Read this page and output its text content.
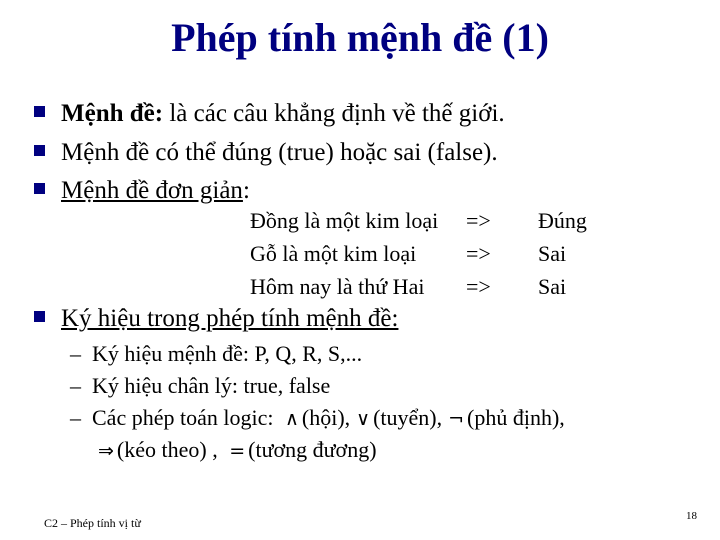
Phép tính mệnh đề (1)
Mệnh đề: là các câu khẳng định về thế giới.
Mệnh đề có thể đúng (true) hoặc sai (false).
Mệnh đề đơn giản:
Đồng là một kim loại	=> Đúng
Gỗ là một kim loại	=> Sai
Hôm nay là thứ Hai	=> Sai
Ký hiệu trong phép tính mệnh đề:
– Ký hiệu mệnh đề: P, Q, R, S,...
– Ký hiệu chân lý: true, false
– Các phép toán logic: ∧ (hội), ∨ (tuyển), ¬ (phủ định),
⇒ (kéo theo) , = (tương đương)
C2 – Phép tính vị từ	18
